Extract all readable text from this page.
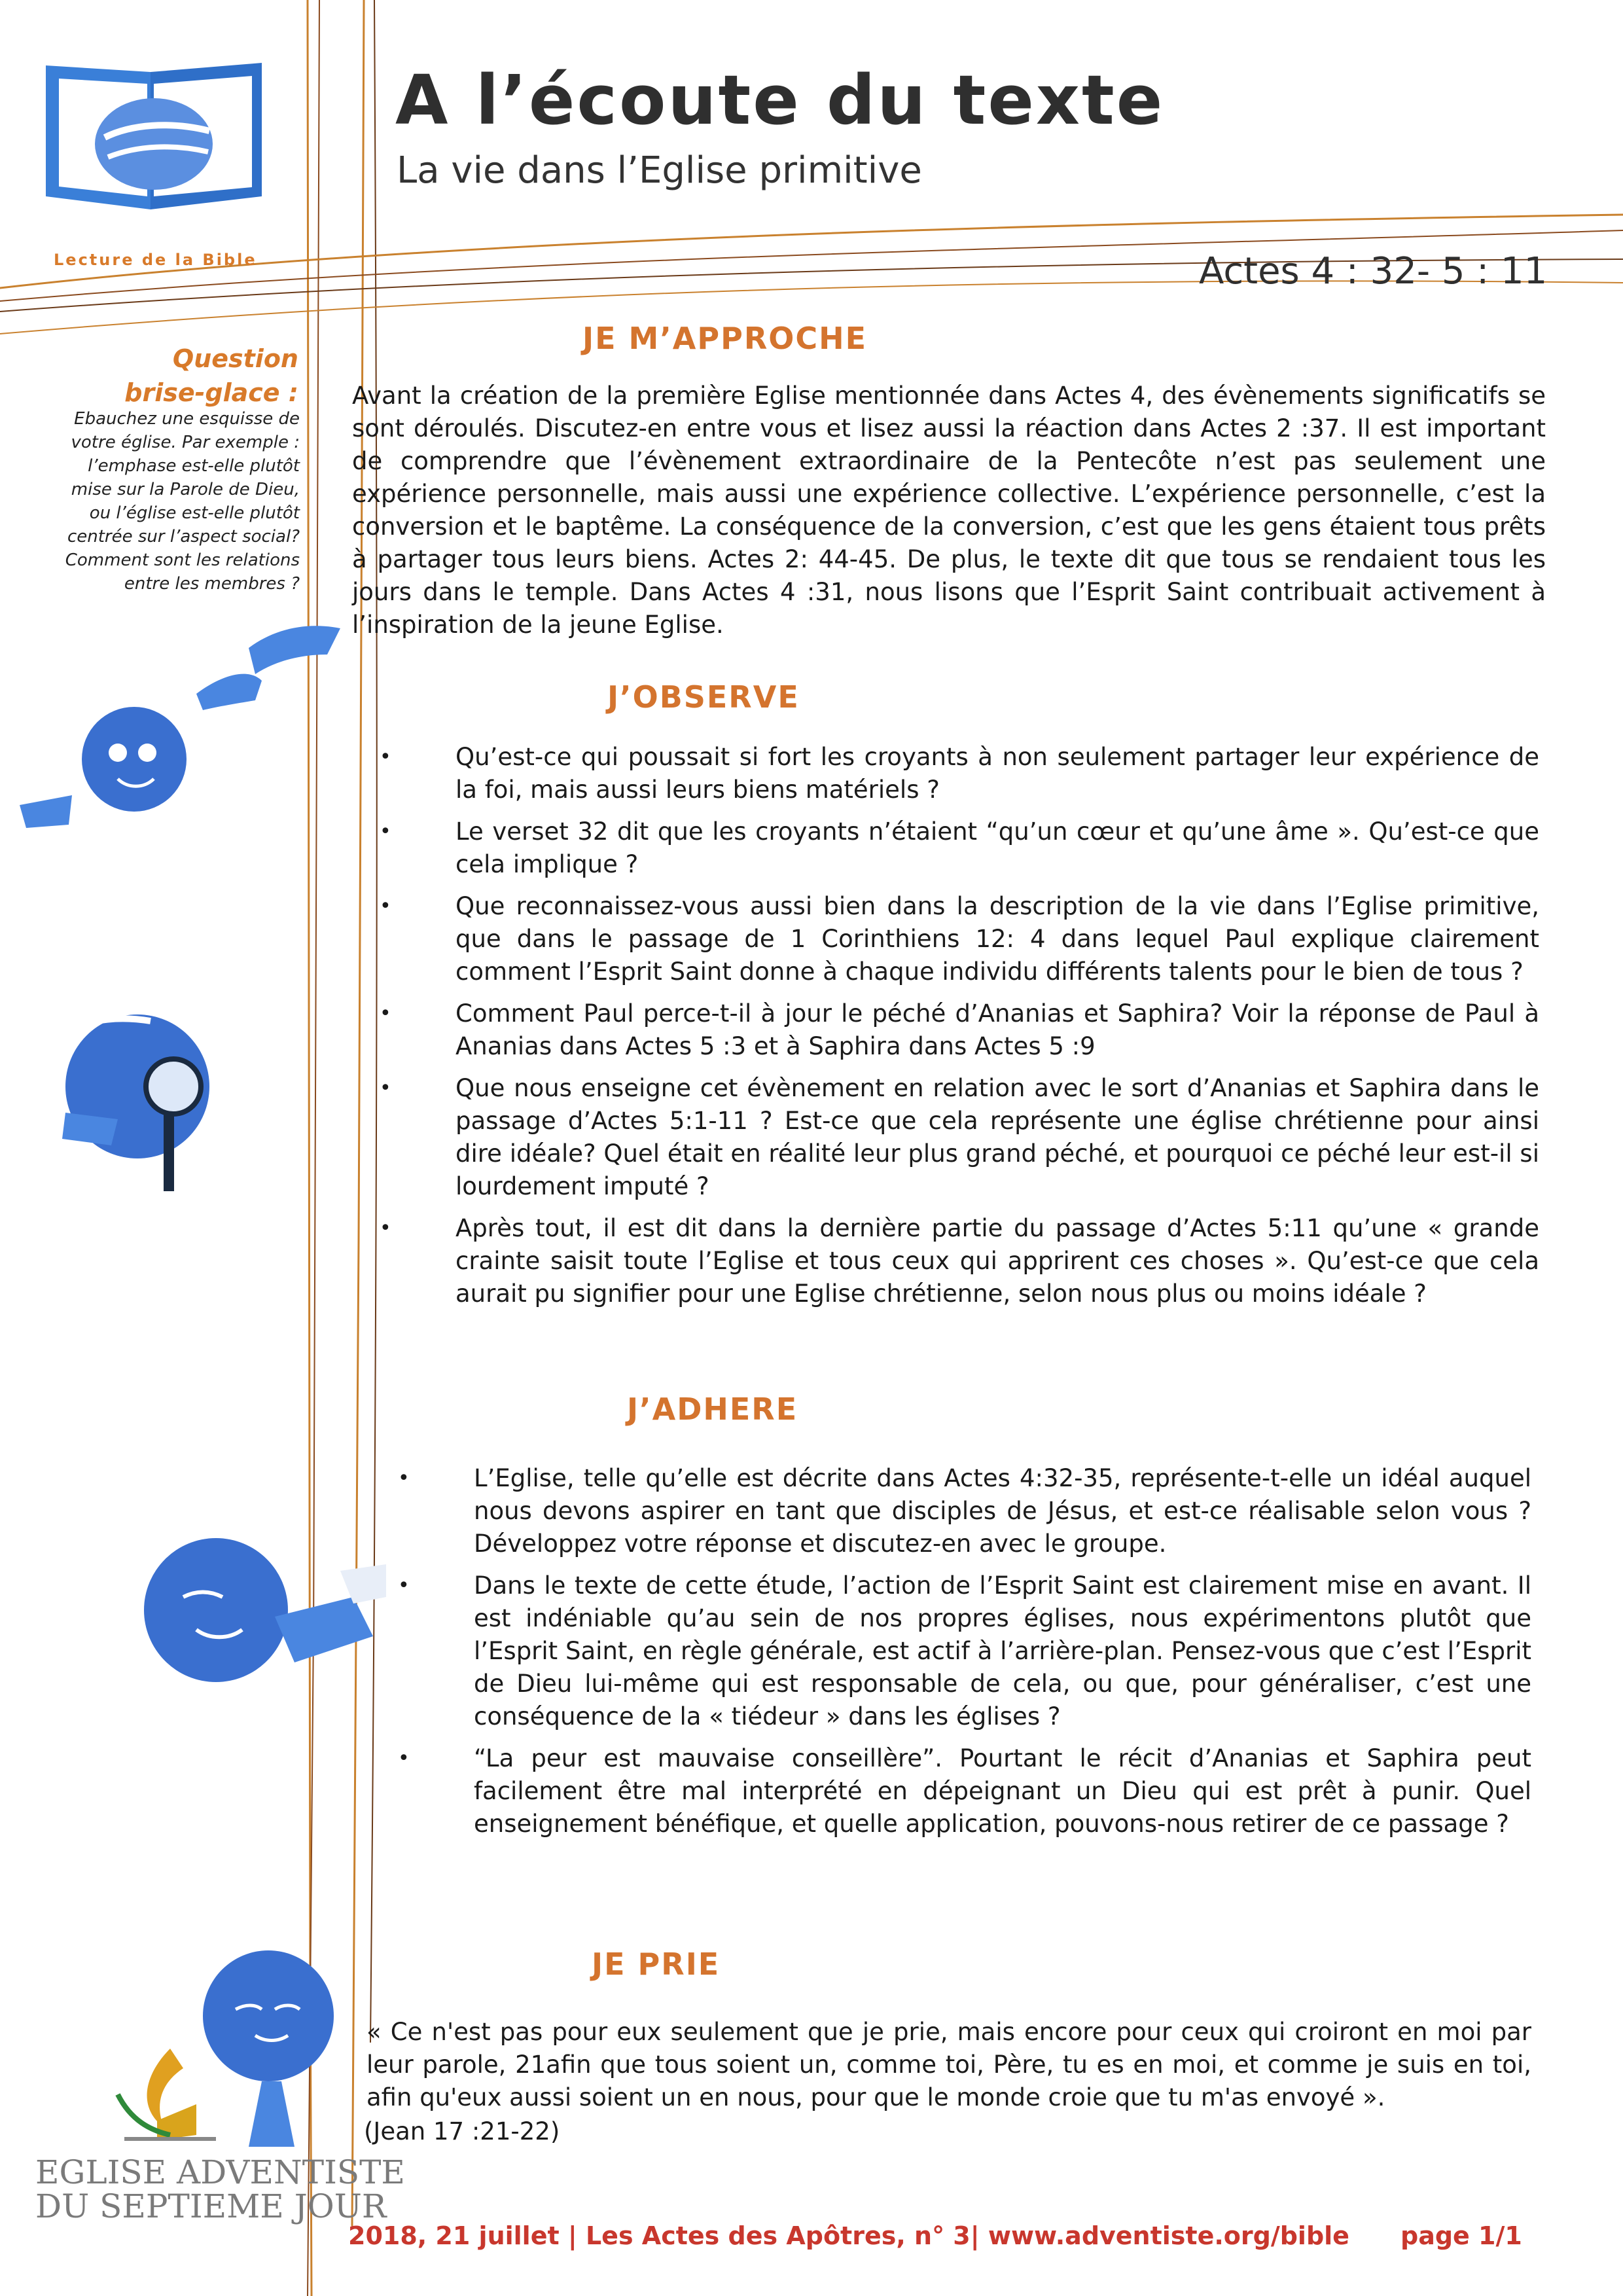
A l’écoute du texte
La vie dans l’Eglise primitive
Lecture de la Bible	Actes 4 : 32- 5 : 11
Question brise-glace :
Ebauchez une esquisse de votre église. Par exemple : l’emphase est-elle plutôt mise sur la Parole de Dieu, ou l’église est-elle plutôt centrée sur l’aspect social? Comment sont les relations entre les membres ?
JE M’APPROCHE
Avant la création de la première Eglise mentionnée dans Actes 4, des évènements significatifs se sont déroulés. Discutez-en entre vous et lisez aussi la réaction dans Actes 2 :37. Il est important de comprendre que l’évènement extraordinaire de la Pentecôte n’est pas seulement une expérience personnelle, mais aussi une expérience collective. L’expérience personnelle, c’est la conversion et le baptême. La conséquence de la conversion, c’est que les gens étaient tous prêts à partager tous leurs biens. Actes 2: 44-45. De plus, le texte dit que tous se rendaient tous les jours dans le temple. Dans Actes 4 :31, nous lisons que l’Esprit Saint contribuait activement à l’inspiration de la jeune Eglise.
J’OBSERVE
•	Qu’est-ce qui poussait si fort les croyants à non seulement partager leur expérience de la foi, mais aussi leurs biens matériels ?
•	Le verset 32 dit que les croyants n’étaient “qu’un cœur et qu’une âme ». Qu’est-ce que cela implique ?
•	Que reconnaissez-vous aussi bien dans la description de la vie dans l’Eglise primitive, que dans le passage de 1 Corinthiens 12: 4 dans lequel Paul explique clairement comment l’Esprit Saint donne à chaque individu différents talents pour le bien de tous ?
•	Comment Paul perce-t-il à jour le péché d’Ananias et Saphira? Voir la réponse de Paul à Ananias dans Actes 5 :3 et à Saphira dans Actes 5 :9
•	Que nous enseigne cet évènement en relation avec le sort d’Ananias et Saphira dans le passage d’Actes 5:1-11 ? Est-ce que cela représente une église chrétienne pour ainsi dire idéale? Quel était en réalité leur plus grand péché, et pourquoi ce péché leur est-il si lourdement imputé ?
•	Après tout, il est dit dans la dernière partie du passage d’Actes 5:11 qu’une « grande crainte saisit toute l’Eglise et tous ceux qui apprirent ces choses ». Qu’est-ce que cela aurait pu signifier pour une Eglise chrétienne, selon nous plus ou moins idéale ?
J’ADHERE
•	L’Eglise, telle qu’elle est décrite dans Actes 4:32-35, représente-t-elle un idéal auquel nous devons aspirer en tant que disciples de Jésus, et est-ce réalisable selon vous ? Développez votre réponse et discutez-en avec le groupe.
•	Dans le texte de cette étude, l’action de l’Esprit Saint est clairement mise en avant. Il est indéniable qu’au sein de nos propres églises, nous expérimentons plutôt que l’Esprit Saint, en règle générale, est actif à l’arrière-plan. Pensez-vous que c’est l’Esprit de Dieu lui-même qui est responsable de cela, ou que, pour généraliser, c’est une conséquence de la « tiédeur » dans les églises ?
•	“La peur est mauvaise conseillère”. Pourtant le récit d’Ananias et Saphira peut facilement être mal interprété en dépeignant un Dieu qui est prêt à punir. Quel enseignement bénéfique, et quelle application, pouvons-nous retirer de ce passage ?
JE PRIE
« Ce n'est pas pour eux seulement que je prie, mais encore pour ceux qui croiront en moi par leur parole, 21afin que tous soient un, comme toi, Père, tu es en moi, et comme je suis en toi, afin qu'eux aussi soient un en nous, pour que le monde croie que tu m'as envoyé ».
(Jean 17 :21-22)
EGLISE ADVENTISTE
DU SEPTIEME JOUR
2018, 21 juillet | Les Actes des Apôtres, n° 3| www.adventiste.org/bible page 1/1
